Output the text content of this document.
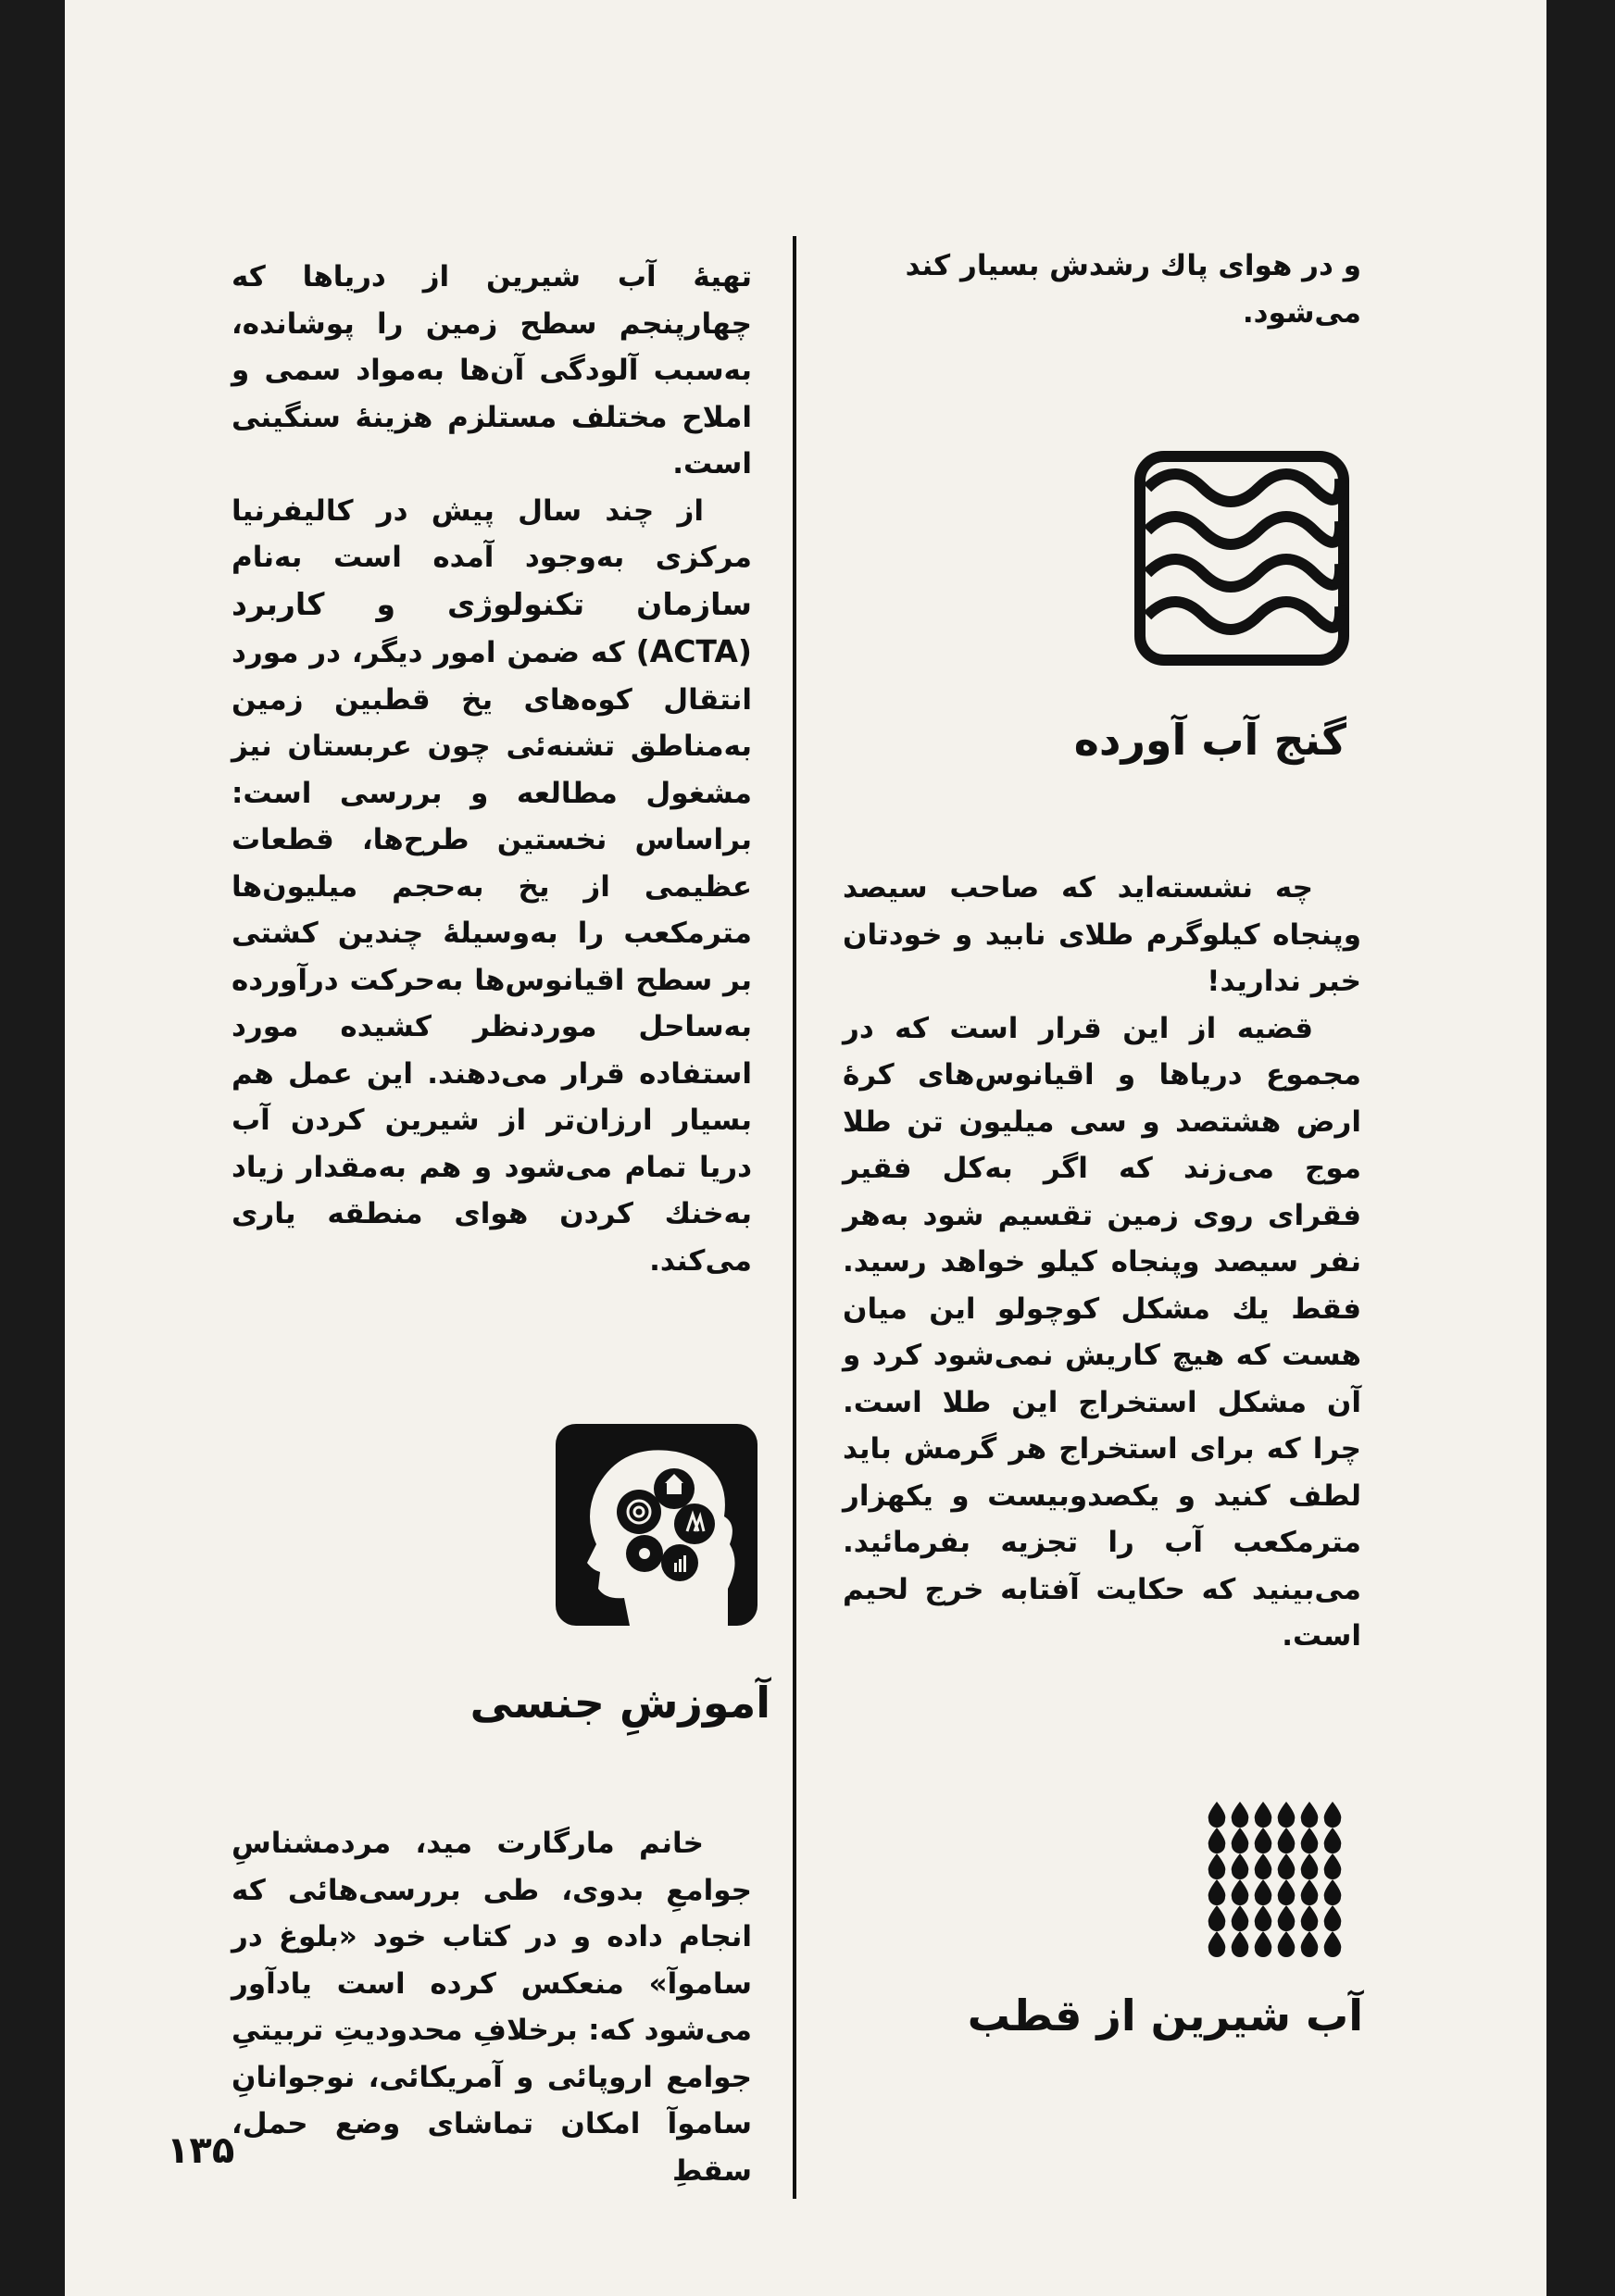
و در هوای پاك رشدش بسیار کند

می‌شود.

گنج آب آورده

چه نشسته‌اید که صاحب سیصد وپنجاه کیلوگرم طلای نابید و خودتان خبر ندارید!

قضیه از این قرار است که در مجموع دریاها و اقیانوس‌های کرهٔ ارض هشتصد و سی میلیون تن طلا موج می‌زند که اگر به‌کل فقیر فقرای روی زمین تقسیم شود به‌هر نفر سیصد وپنجاه کیلو خواهد رسید. فقط یك مشکل کوچولو این میان هست که هیچ کاریش نمی‌شود کرد و آن مشکل استخراج این طلا است. چرا که برای استخراج هر گرمش باید لطف کنید و یکصدوبیست و یکهزار مترمکعب آب را تجزیه بفرمائید. می‌بینید که حکایت آفتابه خرج لحیم است.

آب شیرین از قطب

تهیهٔ آب شیرین از دریاها که چهارپنجم سطح زمین را پوشانده، به‌سبب آلودگی آن‌ها به‌مواد سمی و املاح مختلف مستلزم هزینهٔ سنگینی است.

از چند سال پیش در کالیفرنیا مرکزی به‌وجود آمده است به‌نام سازمان تکنولوژی و کاربرد (ACTA) که ضمن امور دیگر، در مورد انتقال کوه‌های یخ قطبین زمین به‌مناطق تشنه‌ئی چون عربستان نیز مشغول مطالعه و بررسی است: براساس نخستین طرح‌ها، قطعات عظیمی از یخ به‌حجم میلیون‌ها مترمکعب را به‌وسیلهٔ چندین کشتی بر سطح اقیانوس‌ها به‌حرکت درآورده به‌ساحل موردنظر کشیده مورد استفاده قرار می‌دهند. این عمل هم بسیار ارزان‌تر از شیرین کردن آب دریا تمام می‌شود و هم به‌مقدار زیاد به‌خنك کردن هوای منطقه یاری می‌کند.

آموزشِ جنسی

خانم مارگارت مید، مردمشناسِ جوامعِ بدوی، طی بررسی‌هائی که انجام داده و در کتاب خود «بلوغ در ساموآ» منعکس کرده است یادآور می‌شود که: برخلافِ محدودیتِ تربیتیِ جوامع اروپائی و آمریکائی، نوجوانانِ ساموآ امکان تماشای وضع حمل، سقطِ

۱۳۵
